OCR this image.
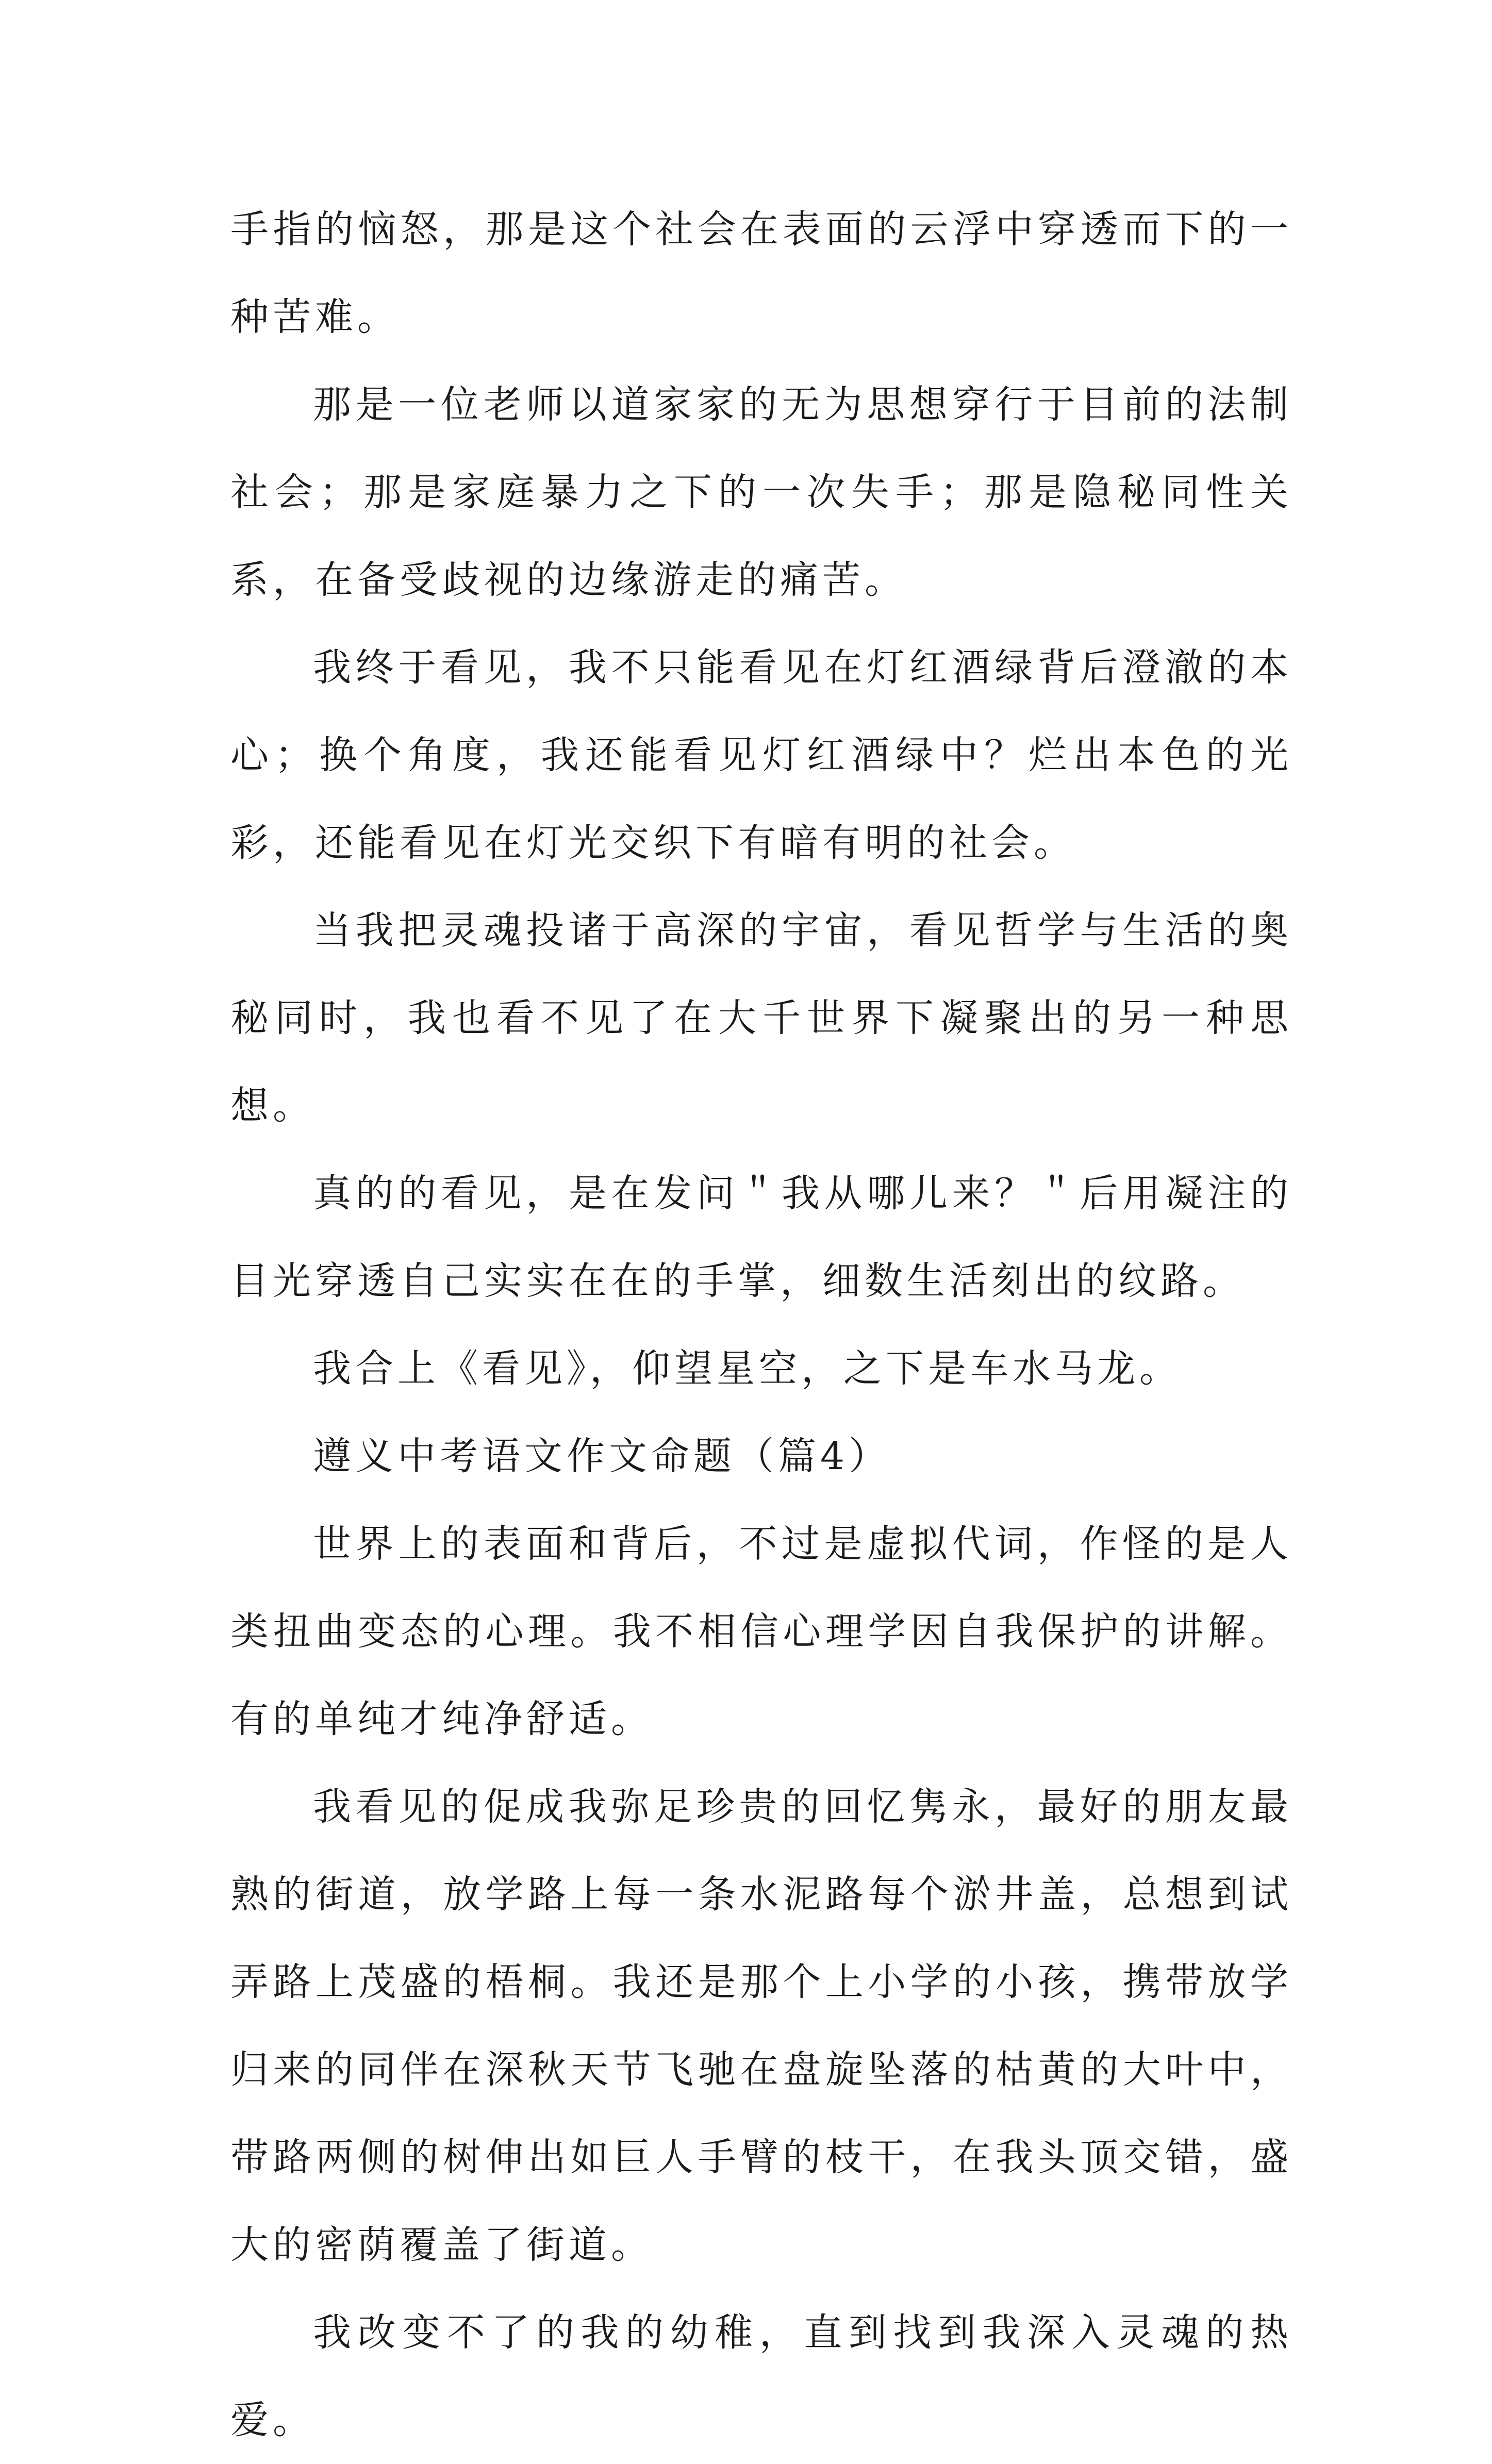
手指的恼怒，那是这个社会在表面的云浮中穿透而下的一种苦难。

那是一位老师以道家家的无为思想穿行于目前的法制社会；那是家庭暴力之下的一次失手；那是隐秘同性关系，在备受歧视的边缘游走的痛苦。

我终于看见，我不只能看见在灯红酒绿背后澄澈的本心；换个角度，我还能看见灯红酒绿中？烂出本色的光彩，还能看见在灯光交织下有暗有明的社会。

当我把灵魂投诸于高深的宇宙，看见哲学与生活的奥秘同时，我也看不见了在大千世界下凝聚出的另一种思想。

真的的看见，是在发问＂我从哪儿来？＂后用凝注的目光穿透自己实实在在的手掌，细数生活刻出的纹路。

我合上《看见》，仰望星空，之下是车水马龙。

遵义中考语文作文命题（篇4）

世界上的表面和背后，不过是虚拟代词，作怪的是人类扭曲变态的心理。我不相信心理学因自我保护的讲解。有的单纯才纯净舒适。

我看见的促成我弥足珍贵的回忆隽永，最好的朋友最熟的街道，放学路上每一条水泥路每个淤井盖，总想到试弄路上茂盛的梧桐。我还是那个上小学的小孩，携带放学归来的同伴在深秋天节飞驰在盘旋坠落的枯黄的大叶中，带路两侧的树伸出如巨人手臂的枝干，在我头顶交错，盛大的密荫覆盖了街道。

我改变不了的我的幼稚，直到找到我深入灵魂的热爱。
